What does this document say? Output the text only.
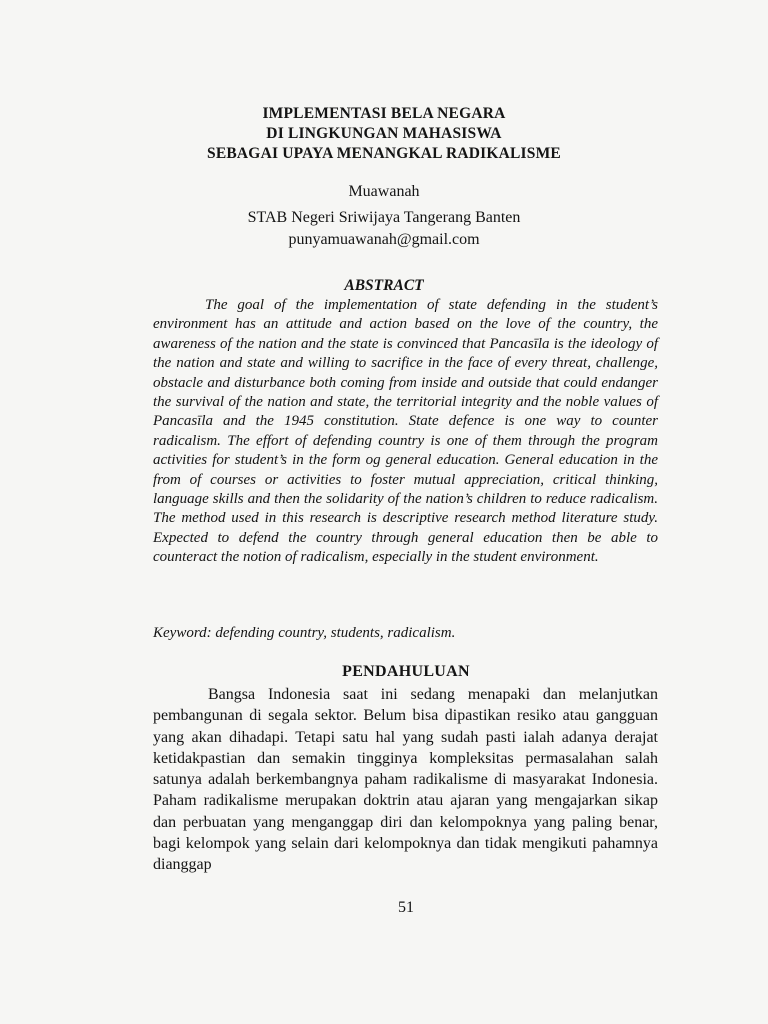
IMPLEMENTASI BELA NEGARA
DI LINGKUNGAN MAHASISWA
SEBAGAI UPAYA MENANGKAL RADIKALISME
Muawanah
STAB Negeri Sriwijaya Tangerang Banten
punyamuawanah@gmail.com
ABSTRACT

The goal of the implementation of state defending in the student’s environment has an attitude and action based on the love of the country, the awareness of the nation and the state is convinced that Pancasīla is the ideology of the nation and state and willing to sacrifice in the face of every threat, challenge, obstacle and disturbance both coming from inside and outside that could endanger the survival of the nation and state, the territorial integrity and the noble values of Pancasīla and the 1945 constitution. State defence is one way to counter radicalism. The effort of defending country is one of them through the program activities for student’s in the form og general education. General education in the from of courses or activities to foster mutual appreciation, critical thinking, language skills and then the solidarity of the nation’s children to reduce radicalism. The method used in this research is descriptive research method literature study. Expected to defend the country through general education then be able to counteract the notion of radicalism, especially in the student environment.

Keyword: defending country, students, radicalism.
PENDAHULUAN

Bangsa Indonesia saat ini sedang menapaki dan melanjutkan pembangunan di segala sektor. Belum bisa dipastikan resiko atau gangguan yang akan dihadapi. Tetapi satu hal yang sudah pasti ialah adanya derajat ketidakpastian dan semakin tingginya kompleksitas permasalahan salah satunya adalah berkembangnya paham radikalisme di masyarakat Indonesia. Paham radikalisme merupakan doktrin atau ajaran yang mengajarkan sikap dan perbuatan yang menganggap diri dan kelompoknya yang paling benar, bagi kelompok yang selain dari kelompoknya dan tidak mengikuti pahamnya dianggap

51
